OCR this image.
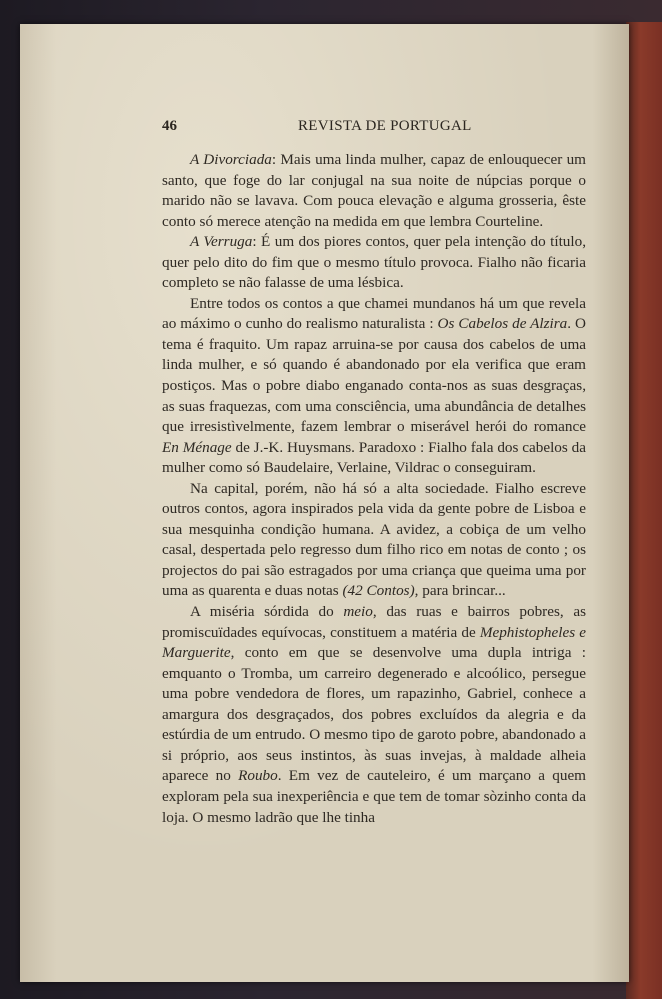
46	REVISTA DE PORTUGAL

A Divorciada: Mais uma linda mulher, capaz de enlouquecer um santo, que foge do lar conjugal na sua noite de núpcias porque o marido não se lavava. Com pouca elevação e alguma grosseria, êste conto só merece atenção na medida em que lembra Courteline.

A Verruga: É um dos piores contos, quer pela intenção do título, quer pelo dito do fim que o mesmo título provoca. Fialho não ficaria completo se não falasse de uma lésbica.

Entre todos os contos a que chamei mundanos há um que revela ao máximo o cunho do realismo naturalista : Os Cabelos de Alzira. O tema é fraquito. Um rapaz arruina-se por causa dos cabelos de uma linda mulher, e só quando é abandonado por ela verifica que eram postiços. Mas o pobre diabo enganado conta-nos as suas desgraças, as suas fraquezas, com uma consciência, uma abundância de detalhes que irresistìvelmente, fazem lembrar o miserável herói do romance En Ménage de J.-K. Huysmans. Paradoxo : Fialho fala dos cabelos da mulher como só Baudelaire, Verlaine, Vildrac o conseguiram.

Na capital, porém, não há só a alta sociedade. Fialho escreve outros contos, agora inspirados pela vida da gente pobre de Lisboa e sua mesquinha condição humana. A avidez, a cobiça de um velho casal, despertada pelo regresso dum filho rico em notas de conto ; os projectos do pai são estragados por uma criança que queima uma por uma as quarenta e duas notas (42 Contos), para brincar...

A miséria sórdida do meio, das ruas e bairros pobres, as promiscuïdades equívocas, constituem a matéria de Mephistopheles e Marguerite, conto em que se desenvolve uma dupla intriga : emquanto o Tromba, um carreiro degenerado e alcoólico, persegue uma pobre vendedora de flores, um rapazinho, Gabriel, conhece a amargura dos desgraçados, dos pobres excluídos da alegria e da estúrdia de um entrudo. O mesmo tipo de garoto pobre, abandonado a si próprio, aos seus instintos, às suas invejas, à maldade alheia aparece no Roubo. Em vez de cauteleiro, é um marçano a quem exploram pela sua inexperiência e que tem de tomar sòzinho conta da loja. O mesmo ladrão que lhe tinha
